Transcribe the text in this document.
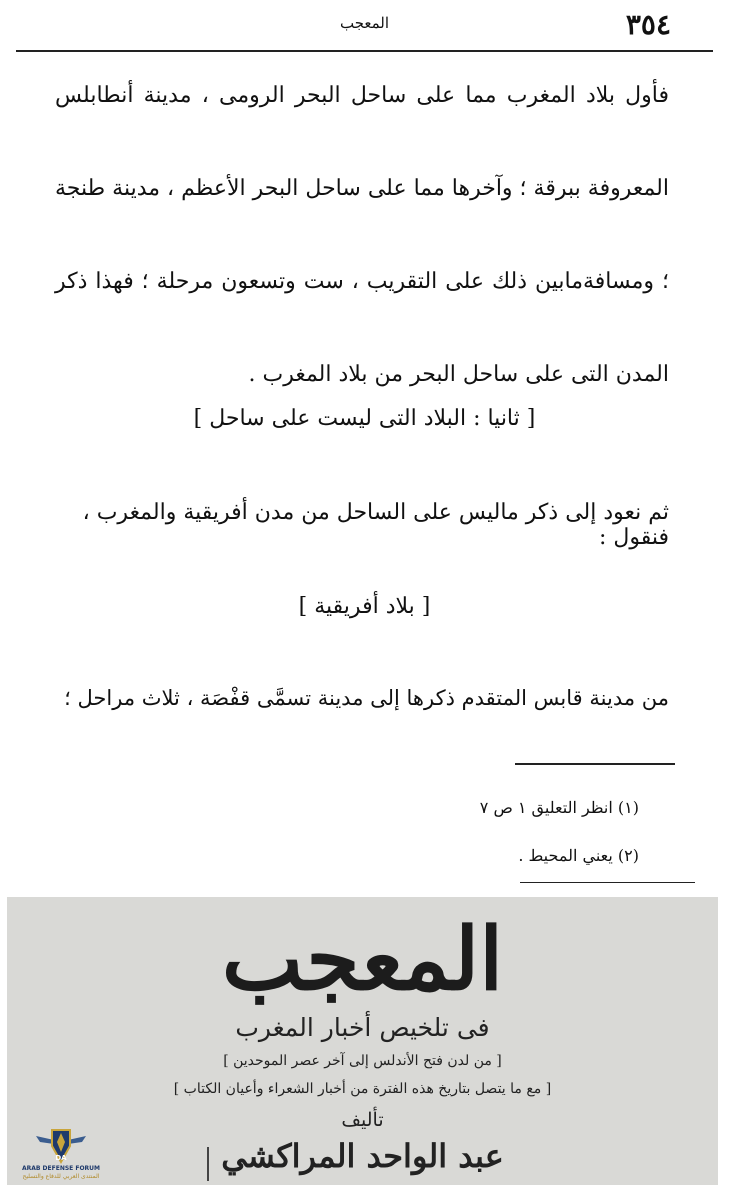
٣٥٤
المعجب
فأول بلاد المغرب مما على ساحل البحر الرومى ، مدينة أنطابلس المعروفة ببرقة ؛ وآخرها مما على ساحل البحر الأعظم ، مدينة طنجة ؛ ومسافةمابين ذلك على التقريب ، ست وتسعون مرحلة ؛ فهذا ذكر المدن التى على ساحل البحر من بلاد المغرب .
[ ثانيا : البلاد التى ليست على ساحل ]
ثم نعود إلى ذكر ماليس على الساحل من مدن أفريقية والمغرب ، فنقول :
[ بلاد أفريقية ]
من مدينة قابس المتقدم ذكرها إلى مدينة تسمَّى قفْصَة ، ثلاث مراحل ؛
(١) انظر التعليق ١ ص ٧
(٢) يعني المحيط .
المعجب
فى تلخيص أخبار المغرب
[ من لدن فتح الأندلس إلى آخر عصر الموحدين ]
[ مع ما يتصل بتاريخ هذه الفترة من أخبار الشعراء وأعيان الكتاب ]
تأليف
عبد الواحد المراكشي
DA
ARAB DEFENSE FORUM
المنتدى العربي للدفاع والتسليح
